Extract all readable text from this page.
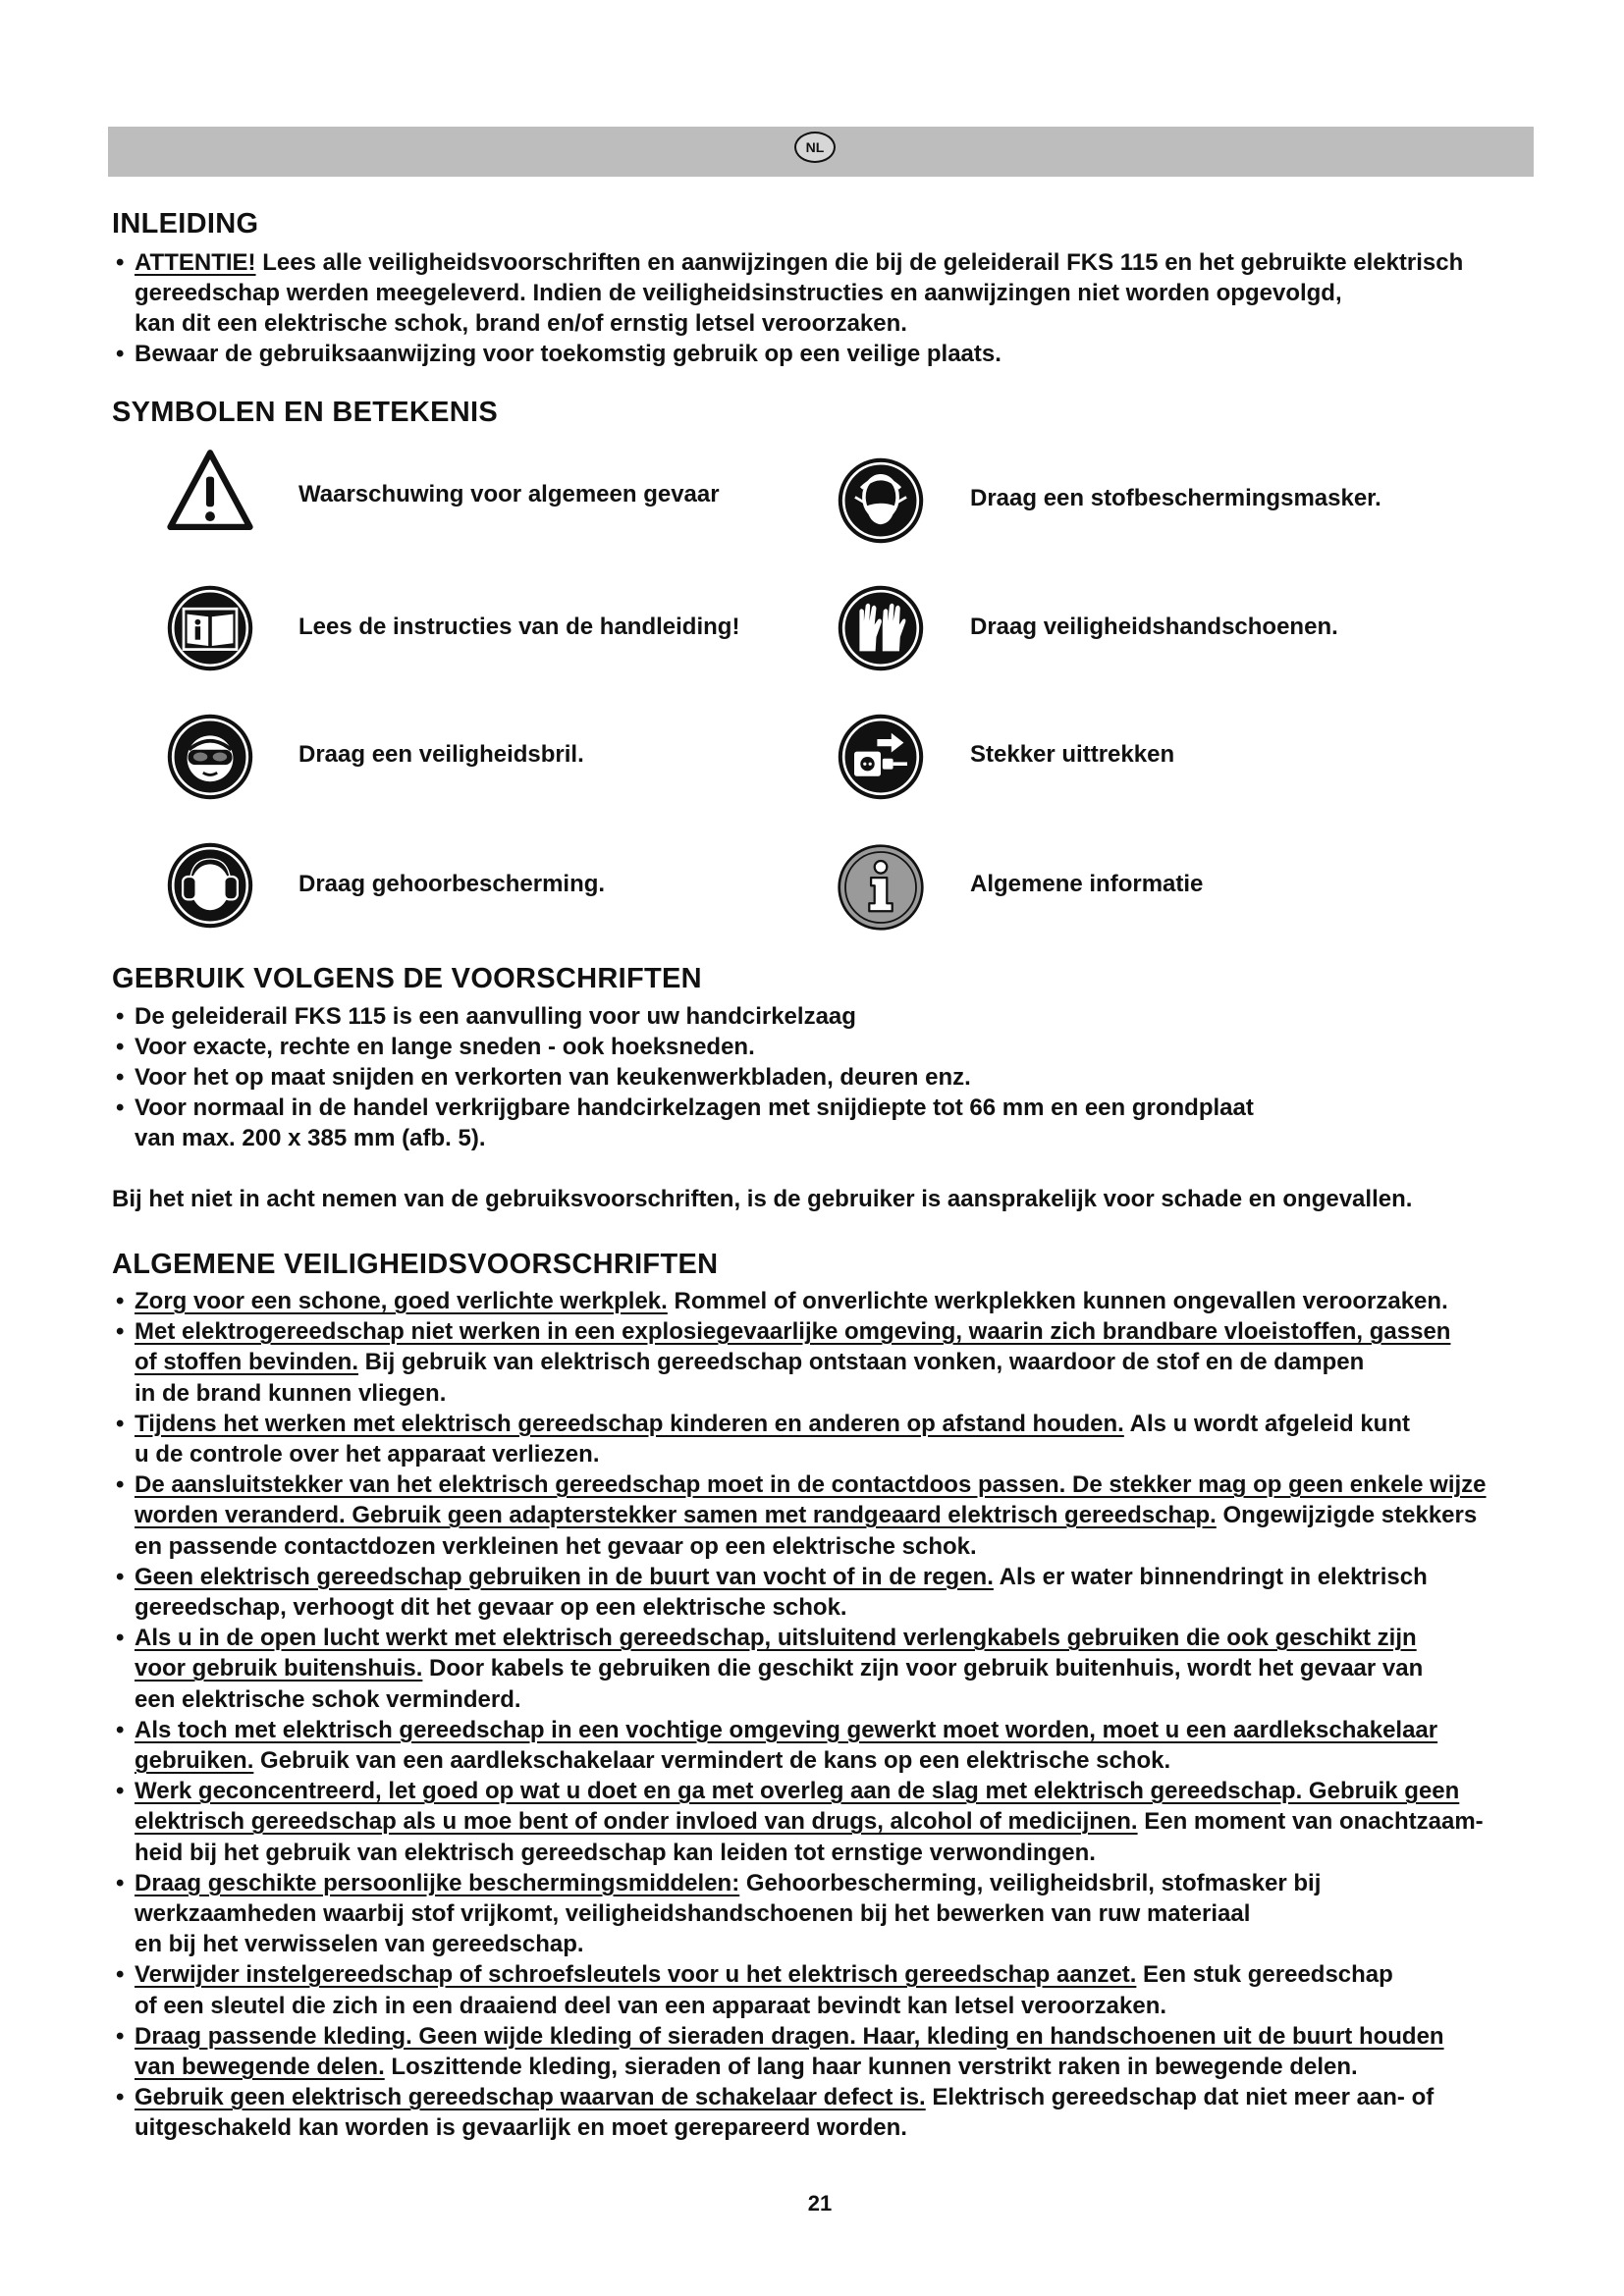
NL
INLEIDING
• ATTENTIE! Lees alle veiligheidsvoorschriften en aanwijzingen die bij de geleiderail FKS 115 en het gebruikte elektrisch
gereedschap werden meegeleverd. Indien de veiligheidsinstructies en aanwijzingen niet worden opgevolgd,
kan dit een elektrische schok, brand en/of ernstig letsel veroorzaken.
• Bewaar de gebruiksaanwijzing voor toekomstig gebruik op een veilige plaats.
SYMBOLEN EN BETEKENIS
Waarschuwing voor algemeen gevaar	Draag een stofbeschermingsmasker.
Lees de instructies van de handleiding!	Draag veiligheidshandschoenen.
Draag een veiligheidsbril.	Stekker uittrekken
Draag gehoorbescherming.	Algemene informatie
GEBRUIK VOLGENS DE VOORSCHRIFTEN
• De geleiderail FKS 115 is een aanvulling voor uw handcirkelzaag
• Voor exacte, rechte en lange sneden - ook hoeksneden.
• Voor het op maat snijden en verkorten van keukenwerkbladen, deuren enz.
• Voor normaal in de handel verkrijgbare handcirkelzagen met snijdiepte tot 66 mm en een grondplaat
van max. 200 x 385 mm (afb. 5).
Bij het niet in acht nemen van de gebruiksvoorschriften, is de gebruiker is aansprakelijk voor schade en ongevallen.
ALGEMENE VEILIGHEIDSVOORSCHRIFTEN
• Zorg voor een schone, goed verlichte werkplek. Rommel of onverlichte werkplekken kunnen ongevallen veroorzaken.
• Met elektrogereedschap niet werken in een explosiegevaarlijke omgeving, waarin zich brandbare vloeistoffen, gassen
of stoffen bevinden. Bij gebruik van elektrisch gereedschap ontstaan vonken, waardoor de stof en de dampen
in de brand kunnen vliegen.
• Tijdens het werken met elektrisch gereedschap kinderen en anderen op afstand houden. Als u wordt afgeleid kunt
u de controle over het apparaat verliezen.
• De aansluitstekker van het elektrisch gereedschap moet in de contactdoos passen. De stekker mag op geen enkele wijze
worden veranderd. Gebruik geen adapterstekker samen met randgeaard elektrisch gereedschap. Ongewijzigde stekkers
en passende contactdozen verkleinen het gevaar op een elektrische schok.
• Geen elektrisch gereedschap gebruiken in de buurt van vocht of in de regen. Als er water binnendringt in elektrisch
gereedschap, verhoogt dit het gevaar op een elektrische schok.
• Als u in de open lucht werkt met elektrisch gereedschap, uitsluitend verlengkabels gebruiken die ook geschikt zijn
voor gebruik buitenshuis. Door kabels te gebruiken die geschikt zijn voor gebruik buitenhuis, wordt het gevaar van
een elektrische schok verminderd.
• Als toch met elektrisch gereedschap in een vochtige omgeving gewerkt moet worden, moet u een aardlekschakelaar
gebruiken. Gebruik van een aardlekschakelaar vermindert de kans op een elektrische schok.
• Werk geconcentreerd, let goed op wat u doet en ga met overleg aan de slag met elektrisch gereedschap. Gebruik geen
elektrisch gereedschap als u moe bent of onder invloed van drugs, alcohol of medicijnen. Een moment van onachtzaam-
heid bij het gebruik van elektrisch gereedschap kan leiden tot ernstige verwondingen.
• Draag geschikte persoonlijke beschermingsmiddelen: Gehoorbescherming, veiligheidsbril, stofmasker bij
werkzaamheden waarbij stof vrijkomt, veiligheidshandschoenen bij het bewerken van ruw materiaal
en bij het verwisselen van gereedschap.
• Verwijder instelgereedschap of schroefsleutels voor u het elektrisch gereedschap aanzet. Een stuk gereedschap
of een sleutel die zich in een draaiend deel van een apparaat bevindt kan letsel veroorzaken.
• Draag passende kleding. Geen wijde kleding of sieraden dragen. Haar, kleding en handschoenen uit de buurt houden
van bewegende delen. Loszittende kleding, sieraden of lang haar kunnen verstrikt raken in bewegende delen.
• Gebruik geen elektrisch gereedschap waarvan de schakelaar defect is. Elektrisch gereedschap dat niet meer aan- of
uitgeschakeld kan worden is gevaarlijk en moet gerepareerd worden.
21
